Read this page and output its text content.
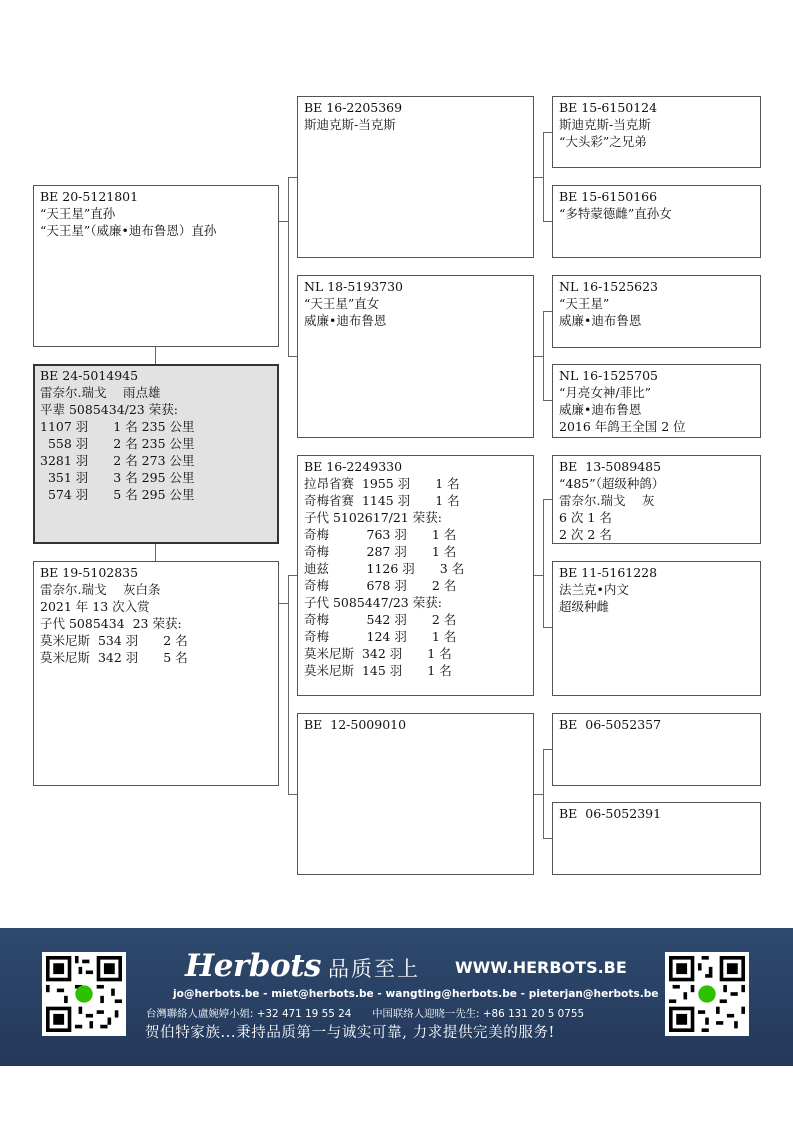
BE 20-5121801
“天王星”直孙
“天王星”（威廉•迪布鲁恩）直孙
BE 24-5014945
雷奈尔.瑞戈　 雨点雄
平辈 5085434/23 荣获:
1107 羽　　1 名 235 公里
558 羽　　2 名 235 公里
3281 羽　　2 名 273 公里
351 羽　　3 名 295 公里
574 羽　　5 名 295 公里
BE 19-5102835
雷奈尔.瑞戈　 灰白条
2021 年 13 次入赏
子代 5085434  23 荣获:
莫米尼斯  534 羽　　2 名
莫米尼斯  342 羽　　5 名
BE 16-2205369
斯迪克斯-当克斯
NL 18-5193730
“天王星”直女
威廉•迪布鲁恩
BE 16-2249330
拉昂省赛  1955 羽　　1 名
奇梅省赛  1145 羽　　1 名
子代 5102617/21 荣获:
奇梅　　　763 羽　　1 名
奇梅　　　287 羽　　1 名
迪兹　　　1126 羽　　3 名
奇梅　　　678 羽　　2 名
子代 5085447/23 荣获:
奇梅　　　542 羽　　2 名
奇梅　　　124 羽　　1 名
莫米尼斯  342 羽　　1 名
莫米尼斯  145 羽　　1 名
BE  12-5009010
BE 15-6150124
斯迪克斯-当克斯
“大头彩”之兄弟
BE 15-6150166
“多特蒙德雌”直孙女
NL 16-1525623
“天王星”
威廉•迪布鲁恩
NL 16-1525705
“月亮女神/菲比”
威廉•迪布鲁恩
2016 年鸽王全国 2 位
BE  13-5089485
“485”（超级种鸽）
雷奈尔.瑞戈　 灰
6 次 1 名
2 次 2 名
BE 11-5161228
法兰克•内文
超级种雌
BE  06-5052357
BE  06-5052391
Herbots 品质至上 WWW.HERBOTS.BE
jo@herbots.be - miet@herbots.be - wangting@herbots.be - pieterjan@herbots.be
台灣聯絡人盧婉婷小姐: +32 471 19 55 24　　中国联络人迎晓一先生: +86 131 20 5 0755
贺伯特家族...秉持品质第一与诚实可靠, 力求提供完美的服务!
